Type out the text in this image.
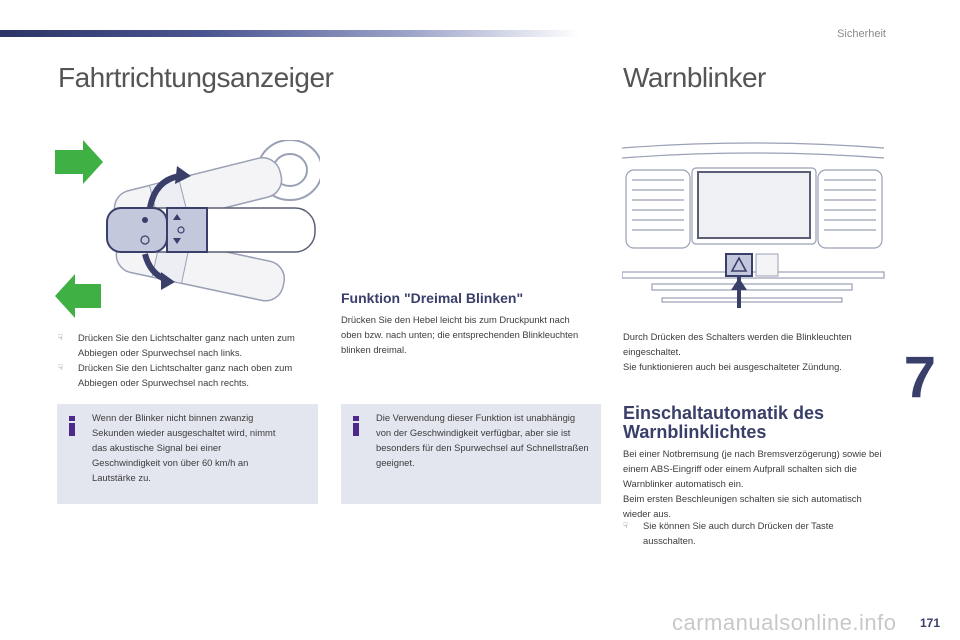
Sicherheit
Fahrtrichtungsanzeiger
☟	Drücken Sie den Lichtschalter ganz nach unten zum Abbiegen oder Spurwechsel nach links.
☟	Drücken Sie den Lichtschalter ganz nach oben zum Abbiegen oder Spurwechsel nach rechts.
Wenn der Blinker nicht binnen zwanzig Sekunden wieder ausgeschaltet wird, nimmt das akustische Signal bei einer Geschwindigkeit von über 60 km/h an Lautstärke zu.
Funktion "Dreimal Blinken"
Drücken Sie den Hebel leicht bis zum Druckpunkt nach oben bzw. nach unten; die entsprechenden Blinkleuchten blinken dreimal.
Die Verwendung dieser Funktion ist unabhängig von der Geschwindigkeit verfügbar, aber sie ist besonders für den Spurwechsel auf Schnellstraßen geeignet.
Warnblinker
Durch Drücken des Schalters werden die Blinkleuchten eingeschaltet.
Sie funktionieren auch bei ausgeschalteter Zündung.
Einschaltautomatik des Warnblinklichtes
Bei einer Notbremsung (je nach Bremsverzögerung) sowie bei einem ABS-Eingriff oder einem Aufprall schalten sich die Warnblinker automatisch ein.
Beim ersten Beschleunigen schalten sie sich automatisch wieder aus.
☟	Sie können Sie auch durch Drücken der Taste ausschalten.
7
171
carmanualsonline.info
